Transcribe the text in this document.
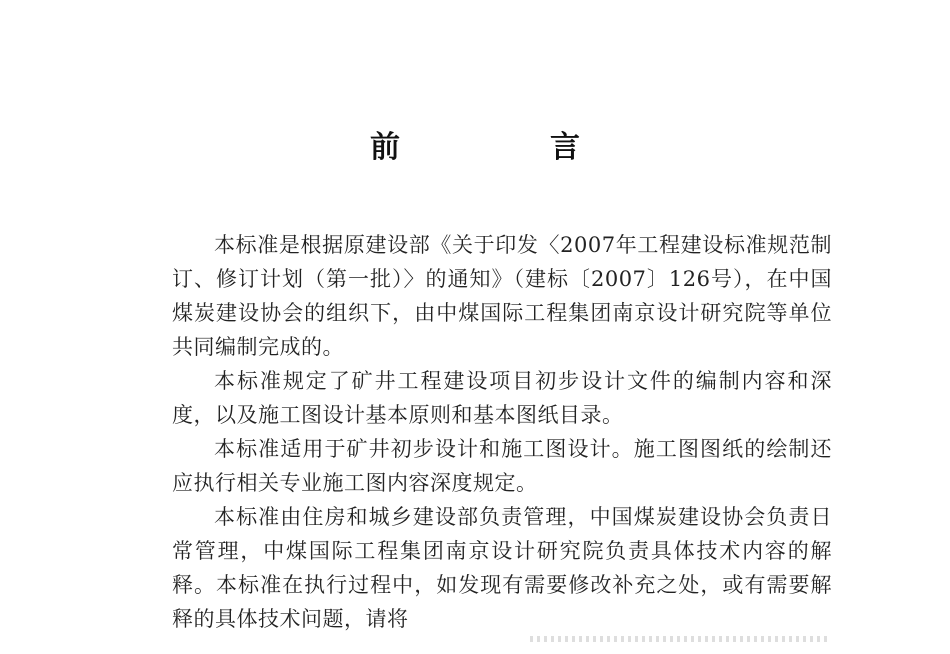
前　言

本标准是根据原建设部《关于印发〈2007年工程建设标准规范制订、修订计划（第一批）〉的通知》（建标〔2007〕126号），在中国煤炭建设协会的组织下，由中煤国际工程集团南京设计研究院等单位共同编制完成的。

本标准规定了矿井工程建设项目初步设计文件的编制内容和深度，以及施工图设计基本原则和基本图纸目录。

本标准适用于矿井初步设计和施工图设计。施工图图纸的绘制还应执行相关专业施工图内容深度规定。

本标准由住房和城乡建设部负责管理，中国煤炭建设协会负责日常管理，中煤国际工程集团南京设计研究院负责具体技术内容的解释。本标准在执行过程中，如发现有需要修改补充之处，或有需要解释的具体技术问题，请将
